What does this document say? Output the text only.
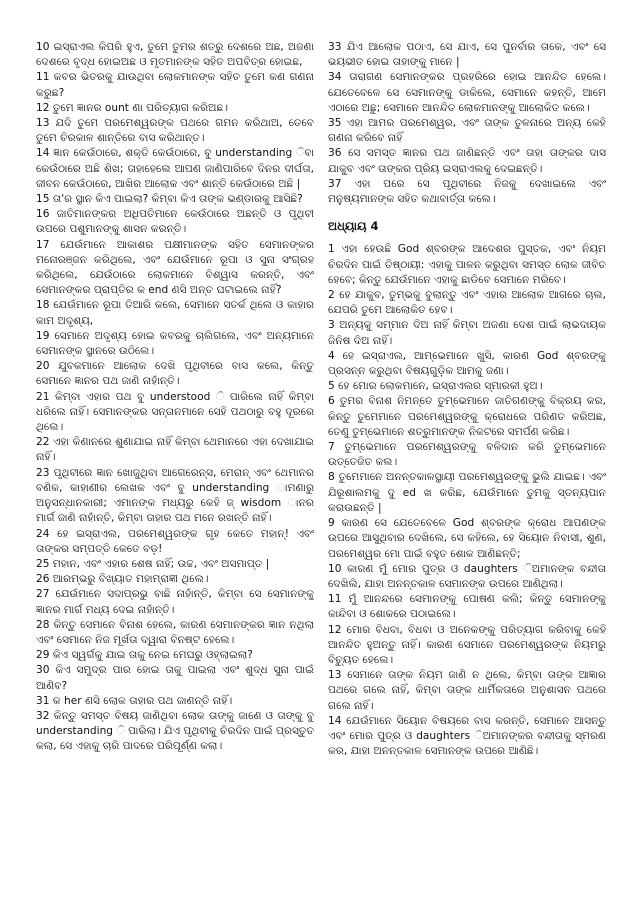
10 ଇସ୍ରାଏଲ କିପରି ହୁଏ, ତୁମେ ତୁମର ଶତ୍ରୁ ଦେଶରେ ଅଛ, ଅଜଣା ଦେଶରେ ବୃଦ୍ଧ ହୋଇଅଛ ଓ ମୃତମାନଙ୍କ ସହିତ ଅପବିତ୍ର ହୋଇଛ,

11 କବର ଭିତରକୁ ଯାଉଥିବା ଲୋକମାନଙ୍କ ସହିତ ତୁମେ କଣ ଗଣନା କରୁଛ?

12 ତୁମେ ଜ୍ଞାନର ount ଣା ପରିତ୍ୟାଗ କରିଅଛ।

13 ଯଦି ତୁମେ ପରମେଶ୍ୱରଙ୍କ ପଥରେ ଗମନ କରିଥାଅ, ତେବେ ତୁମେ ଚିରକାଳ ଶାନ୍ତିରେ ବାସ କରିଥାନ୍ତ।

14 ଜ୍ଞାନ କେଉଁଠାରେ, ଶକ୍ତି କେଉଁଠାରେ, ବୁ understanding ିବା କେଉଁଠାରେ ଅଛି ଶିଖ; ତାହାହେଲେ ଆପଣ ଜାଣିପାରିବେ ଦିନର ଦୀର୍ଘତା, ଜୀବନ କେଉଁଠାରେ, ଆଖିର ଆଲୋକ ଏବଂ ଶାନ୍ତି କେଉଁଠାରେ ଅଛି |

15 ତା'ର ସ୍ଥାନ କିଏ ପାଇଲା? କିମ୍ବା କିଏ ତାଙ୍କ ଭଣ୍ଡାରକୁ ଆସିଛି?

16 ଜାତିମାନଙ୍କର ଅଧିପତିମାନେ କେଉଁଠାରେ ଅଛନ୍ତି ଓ ପୃଥିବୀ ଉପରେ ପଶୁମାନଙ୍କୁ ଶାସନ କରନ୍ତି।

17 ଯେଉଁମାନେ ଆକାଶର ପକ୍ଷୀମାନଙ୍କ ସହିତ ସେମାନଙ୍କର ମନୋରଞ୍ଜନ କରିଥିଲେ, ଏବଂ ଯେଉଁମାନେ ରୂପା ଓ ସୁନା ସଂଗ୍ରହ କରିଥିଲେ, ଯେଉଁଠାରେ ଲୋକମାନେ ବିଶ୍ୱାସ କରନ୍ତି, ଏବଂ ସେମାନଙ୍କର ପ୍ରାପ୍ତିର କ end ଣସି ଅନ୍ତ ଘଟାଇଲେ ନାହିଁ?

18 ଯେଉଁମାନେ ରୂପା ତିଆରି କଲେ, ସେମାନେ ସତର୍କ ଥିଲେ ଓ କାହାର କାମ ଅଦୃଶ୍ୟ,

19 ସେମାନେ ଅଦୃଶ୍ୟ ହୋଇ କବରକୁ ଚାଲିଗଲେ, ଏବଂ ଅନ୍ୟମାନେ ସେମାନଙ୍କ ସ୍ଥାନରେ ଉଠିଲେ।

20 ଯୁବକମାନେ ଆଲୋକ ଦେଖି ପୃଥିବୀରେ ବାସ କଲେ, କିନ୍ତୁ ସେମାନେ ଜ୍ଞାନର ପଥ ଜାଣି ନାହାଁନ୍ତି।

21 କିମ୍ବା ଏହାର ପଥ ବୁ understood ି ପାରିଲେ ନାହିଁ କିମ୍ବା ଧରିଲେ ନାହିଁ। ସେମାନଙ୍କର ସନ୍ତାନମାନେ ସେହି ପଥଠାରୁ ବହୁ ଦୂରରେ ଥିଲେ।

22 ଏହା କିଣାନରେ ଶୁଣାଯାଇ ନାହିଁ କିମ୍ବା ଥେମାନରେ ଏହା ଦେଖାଯାଇ ନାହିଁ।

23 ପୃଥିବୀରେ ଜ୍ଞାନ ଖୋଜୁଥିବା ଆଗେରେନ୍ସ, ମେରାନ୍ ଏବଂ ଥେମାନର ବଣିକ, କାହାଣୀର ଲେଖକ ଏବଂ ବୁ understanding ାମଣାରୁ ଅନୁସନ୍ଧାନକାରୀ; ଏମାନଙ୍କ ମଧ୍ୟରୁ କେହି ଜ୍ wisdom ାନର ମାର୍ଗ ଜାଣି ନାହାଁନ୍ତି, କିମ୍ବା ତାହାର ପଥ ମନେ ରଖନ୍ତି ନାହିଁ।

24 ହେ ଇସ୍ରାଏଲ, ପରମେଶ୍ୱରଙ୍କ ଗୃହ କେତେ ମହାନ୍! ଏବଂ ତାଙ୍କର ସମ୍ପତ୍ତି କେତେ ବଡ଼!

25 ମହାନ, ଏବଂ ଏହାର ଶେଷ ନାହିଁ; ଉଚ୍ଚ, ଏବଂ ଅସମାପ୍ତ |

26 ଆରମ୍ଭରୁ ବିଖ୍ୟାତ ମହାମ୍ରାଜ୍ଞୀ ଥିଲେ।

27 ଯେଉଁମାନେ ସଦାପ୍ରଭୁ ବାଛି ନାହାଁନ୍ତି, କିମ୍ବା ସେ ସେମାନଙ୍କୁ ଜ୍ଞାନର ମାର୍ଗ ମଧ୍ୟ ଦେଇ ନାହାଁନ୍ତି।

28 କିନ୍ତୁ ସେମାନେ ବିନାଶ ହେଲେ, କାରଣ ସେମାନଙ୍କର ଜ୍ଞାନ ନଥିଲା ଏବଂ ସେମାନେ ନିଜ ମୂର୍ଖତା ଦ୍ୱାରା ବିନଷ୍ଟ ହେଲେ।

29 କିଏ ସ୍ୱର୍ଗକୁ ଯାଇ ତାକୁ ନେଇ ମେଘରୁ ଓହ୍ଲାଇଲା?

30 କିଏ ସମୁଦ୍ର ପାର ହୋଇ ତାକୁ ପାଇଲା ଏବଂ ଶୁଦ୍ଧ ସୁନା ପାଇଁ ଆଣିବ?

31 କ her ଣସି ଲୋକ ତାହାର ପଥ ଜାଣନ୍ତି ନାହିଁ।

32 କିନ୍ତୁ ସମସ୍ତ ବିଷୟ ଜାଣିଥିବା ଲୋକ ତାଙ୍କୁ ଜାଣେ ଓ ତାଙ୍କୁ ବୁ understanding ି ପାରିଲା। ଯିଏ ପୃଥିବୀକୁ ଚିରଦିନ ପାଇଁ ପ୍ରସ୍ତୁତ କଲା, ସେ ଏହାକୁ ଚାରି ପାଦରେ ପରିପୂର୍ଣ୍ଣ କଲା।

33 ଯିଏ ଆଲୋକ ପଠାଏ, ସେ ଯାଏ, ସେ ପୁନର୍ବାର ତାକେ, ଏବଂ ସେ ଭୟଭୀତ ହୋଇ ତାହାଙ୍କୁ ମାନେ |

34 ତାରାଗଣ ସେମାନଙ୍କର ପ୍ରହରିରେ ହୋଇ ଆନନ୍ଦିତ ହେଲେ। ଯେତେବେଳେ ସେ ସେମାନଙ୍କୁ ଡାକିଲେ, ସେମାନେ କହନ୍ତି, ଆମେ ଏଠାରେ ଅଛୁ; ସେମାନେ ଆନନ୍ଦିତ ଲୋକମାନଙ୍କୁ ଆଲୋକିତ କଲେ।

35 ଏହା ଆମର ପରମେଶ୍ୱର, ଏବଂ ତାଙ୍କ ତୁଳନାରେ ଅନ୍ୟ କେହି ଗଣନା କରିବେ ନାହିଁ

36 ସେ ସମସ୍ତ ଜ୍ଞାନର ପଥ ଜାଣିଛନ୍ତି ଏବଂ ତାହା ତାଙ୍କର ଦାସ ଯାକୁବ ଏବଂ ତାଙ୍କର ପ୍ରିୟ ଇସ୍ରାଏଲକୁ ଦେଇଛନ୍ତି।

37 ଏହା ପରେ ସେ ପୃଥିବୀରେ ନିଜକୁ ଦେଖାଇଲେ ଏବଂ ମନୁଷ୍ୟମାନଙ୍କ ସହିତ କଥାବାର୍ତ୍ତା କଲେ।

ଅଧ୍ୟାୟ 4

1 ଏହା ହେଉଛି God ଶ୍ବରଙ୍କ ଆଦେଶର ପୁସ୍ତକ, ଏବଂ ନିୟମ ଚିରଦିନ ପାଇଁ ତିଷ୍ଠାୟୀ: ଏହାକୁ ପାଳନ କରୁଥିବା ସମସ୍ତ ଲୋକ ଜୀବିତ ହେବେ; କିନ୍ତୁ ଯେଉଁମାନେ ଏହାକୁ ଛାଡିବେ ସେମାନେ ମରିବେ।

2 ହେ ଯାକୁବ, ତୁମ୍ଭକୁ ବୁଲାନ୍ତୁ ଏବଂ ଏହାର ଆଲୋକ ଆଗରେ ଚାଲ, ଯେପରି ତୁମେ ଆଲୋକିତ ହେବ।

3 ଅନ୍ୟକୁ ସମ୍ମାନ ଦିଅ ନାହିଁ କିମ୍ବା ଅଜଣା ଦେଶ ପାଇଁ ଲାଭଦାୟକ ଜିନିଷ ଦିଅ ନାହିଁ।

4 ହେ ଇସ୍ରାଏଲ, ଆମ୍ଭେମାନେ ଖୁସି, କାରଣ God ଶ୍ବରଙ୍କୁ ପ୍ରସନ୍ନ କରୁଥିବା ବିଷୟଗୁଡ଼ିକ ଆମକୁ ଜଣା।

5 ହେ ମୋର ଲୋକମାନେ, ଇସ୍ରାଏଲର ସ୍ମାରକୀ ହୁଅ।

6 ତୁମର ବିନାଶ ନିମନ୍ତେ ତୁମ୍ଭେମାନେ ଜାତିଗଣଙ୍କୁ ବିକ୍ରୟ କର, କିନ୍ତୁ ତୁମେମାନେ ପରମେଶ୍ୱରଙ୍କୁ କ୍ରୋଧରେ ପରିଣତ କରିଅଛ, ତେଣୁ ତୁମ୍ଭେମାନେ ଶତ୍ରୁମାନଙ୍କ ନିକଟରେ ସମର୍ପଣ କରିଛ।

7 ତୁମ୍ଭେମାନେ ପରମେଶ୍ୱରଙ୍କୁ ବଳିଦାନ କରି ତୁମ୍ଭେମାନେ ଉତ୍ତେଜିତ କଲ।

8 ତୁମେମାନେ ଅନନ୍ତକାଳସ୍ଥାୟୀ ପରମେଶ୍ୱରଙ୍କୁ ଭୁଲି ଯାଇଛ। ଏବଂ ଯିରୂଶାଲମକୁ ଦୁ ed ଖ କରିଛ, ଯେଉଁମାନେ ତୁମକୁ ସ୍ତନ୍ୟପାନ କରାଉଛନ୍ତି |

9 କାରଣ ସେ ଯେତେବେଳେ God ଶ୍ବରଙ୍କ କ୍ରୋଧ ଆପଣଙ୍କ ଉପରେ ଆସୁଥିବାର ଦେଖିଲେ, ସେ କହିଲେ, ହେ ସିୟୋନ ନିବାସୀ, ଶୁଣ, ପରମେଶ୍ୱର ମୋ ପାଇଁ ବହୁତ ଶୋକ ଆଣିଛନ୍ତି;

10 କାରଣ ମୁଁ ମୋର ପୁତ୍ର ଓ daughters ିଅମାନଙ୍କ ବନ୍ଦୀତା ଦେଖିଲି, ଯାହା ଅନନ୍ତକାଳ ସେମାନଙ୍କ ଉପରେ ଆଣିଥିଲା।

11 ମୁଁ ଆନନ୍ଦରେ ସେମାନଙ୍କୁ ପୋଷଣ କଲି; କିନ୍ତୁ ସେମାନଙ୍କୁ କାନ୍ଦିବା ଓ ଶୋକରେ ପଠାଇଲେ।

12 ମୋର ବିଧବା, ବିଧବା ଓ ଅନେକଙ୍କୁ ପରିତ୍ୟାଗ କରିବାକୁ କେହି ଆନନ୍ଦିତ ହୁଅନ୍ତୁ ନାହିଁ। କାରଣ ସେମାନେ ପରମେଶ୍ୱରଙ୍କ ନିୟମରୁ ବିଚ୍ୟୁତ ହେଲେ।

13 ସେମାନେ ତାଙ୍କ ନିୟମ ଜାଣି ନ ଥିଲେ, କିମ୍ବା ତାଙ୍କ ଆଜ୍ଞାର ପଥରେ ଗଲେ ନାହିଁ, କିମ୍ବା ତାଙ୍କ ଧାର୍ମିକତାରେ ଅନୁଶାସନ ପଥରେ ଗଲେ ନାହିଁ।

14 ଯେଉଁମାନେ ସିୟୋନ ବିଷୟରେ ବାସ କରନ୍ତି, ସେମାନେ ଆସନ୍ତୁ ଏବଂ ମୋର ପୁତ୍ର ଓ daughters ିଅମାନଙ୍କର ବନ୍ଦୀତାକୁ ସ୍ମରଣ କର, ଯାହା ଅନନ୍ତକାଳ ସେମାନଙ୍କ ଉପରେ ଆଣିଛି।
